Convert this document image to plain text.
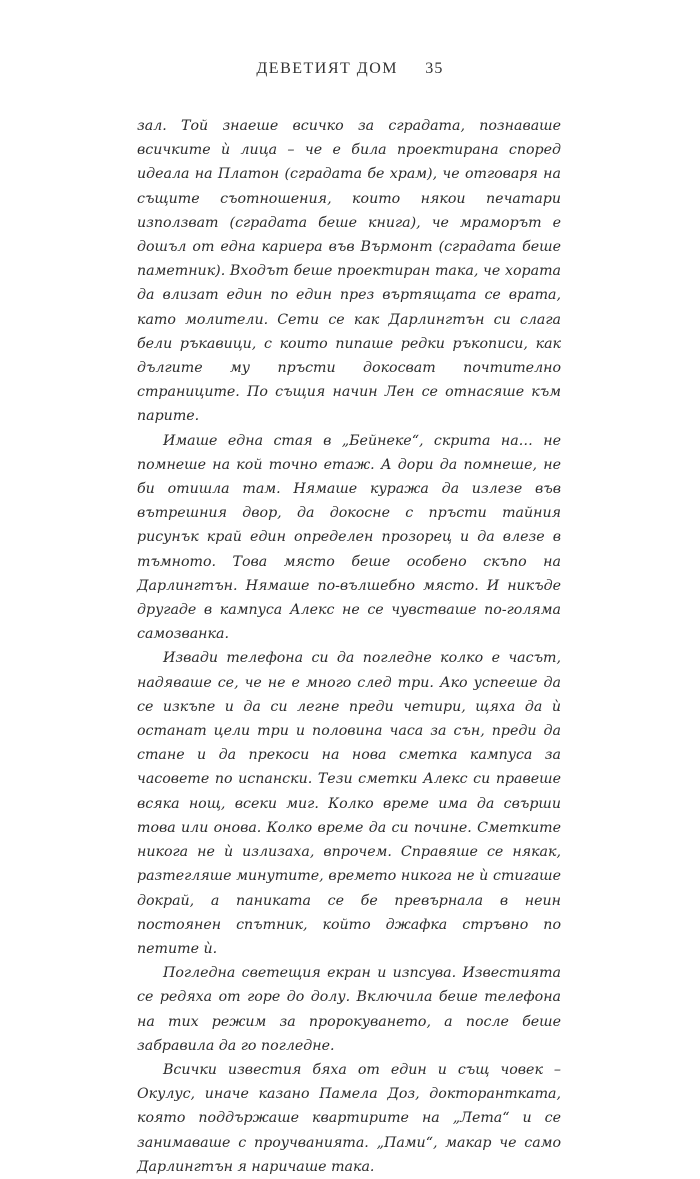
ДЕВЕТИЯТ ДОМ 35

зал. Той знаеше всичко за сградата, познаваше всичките ѝ лица – че е била проектирана според идеала на Платон (сградата бе храм), че отговаря на същите съотношения, които някои печатари използват (сградата беше книга), че мраморът е дошъл от една кариера във Върмонт (сградата беше паметник). Входът беше проектиран така, че хората да влизат един по един през въртящата се врата, като молители. Сети се как Дарлингтън си слага бели ръкавици, с които пипаше редки ръкописи, как дългите му пръсти докосват почтително страниците. По същия начин Лен се отнасяше към парите.

Имаше една стая в „Бейнеке“, скрита на… не помнеше на кой точно етаж. А дори да помнеше, не би отишла там. Нямаше куража да излезе във вътрешния двор, да докосне с пръсти тайния рисунък край един определен прозорец и да влезе в тъмното. Това място беше особено скъпо на Дарлингтън. Нямаше по-вълшебно място. И никъде другаде в кампуса Алекс не се чувстваше по-голяма самозванка.

Извади телефона си да погледне колко е часът, надяваше се, че не е много след три. Ако успееше да се изкъпе и да си легне преди четири, щяха да ѝ останат цели три и половина часа за сън, преди да стане и да прекоси на нова сметка кампуса за часовете по испански. Тези сметки Алекс си правеше всяка нощ, всеки миг. Колко време има да свърши това или онова. Колко време да си почине. Сметките никога не ѝ излизаха, впрочем. Справяше се някак, разтегляше минутите, времето никога не ѝ стигаше докрай, а паниката се бе превърнала в неин постоянен спътник, който джафка стръвно по петите ѝ.

Погледна светещия екран и изпсува. Известията се редяха от горе до долу. Включила беше телефона на тих режим за пророкуването, а после беше забравила да го погледне.

Всички известия бяха от един и същ човек – Окулус, иначе казано Памела Доз, докторантката, която поддържаше квартирите на „Лета“ и се занимаваше с проучванията. „Пами“, макар че само Дарлингтън я наричаше така.
